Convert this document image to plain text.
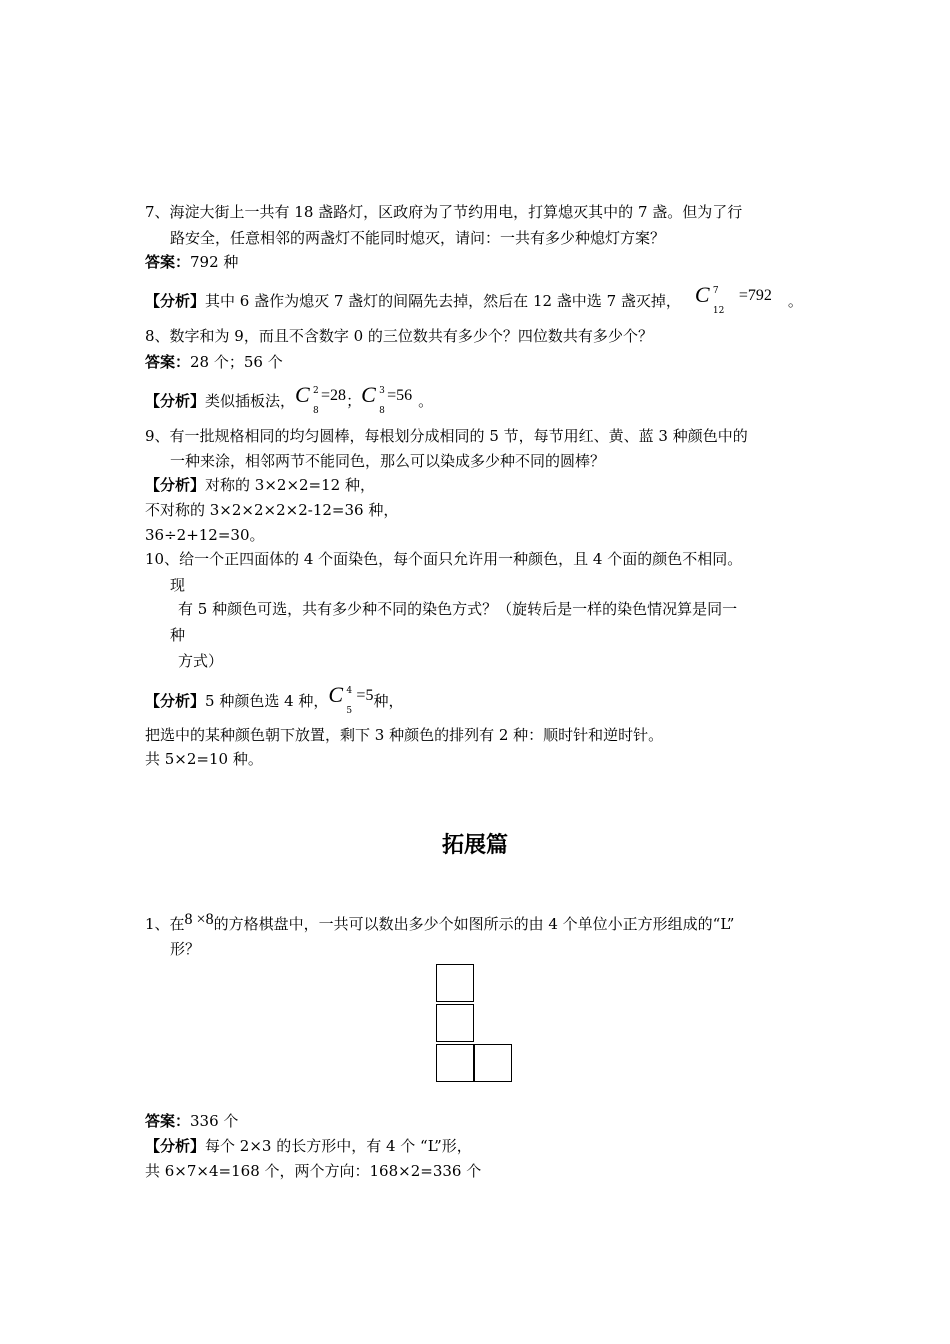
7、海淀大街上一共有 18 盏路灯，区政府为了节约用电，打算熄灭其中的 7 盏。但为了行
路安全，任意相邻的两盏灯不能同时熄灭，请问：一共有多少种熄灯方案？
答案：792 种
【分析】其中 6 盏作为熄灭 7 盏灯的间隔先去掉，然后在 12 盏中选 7 盏灭掉， C 7
12
=792 。
8、数字和为 9，而且不含数字 0 的三位数共有多少个？四位数共有多少个？
答案：28 个；56 个
【分析】类似插板法， C 2
8
=28； C 3
8
=56 。
9、有一批规格相同的均匀圆棒，每根划分成相同的 5 节，每节用红、黄、蓝 3 种颜色中的
一种来涂，相邻两节不能同色，那么可以染成多少种不同的圆棒？
【分析】对称的 3×2×2=12 种，
不对称的 3×2×2×2×2-12=36 种，
36÷2+12=30。
10、给一个正四面体的 4 个面染色，每个面只允许用一种颜色，且 4 个面的颜色不相同。
现
有 5 种颜色可选，共有多少种不同的染色方式？（旋转后是一样的染色情况算是同一
种
方式）
【分析】5 种颜色选 4 种， C 4
5
=5种，
把选中的某种颜色朝下放置，剩下 3 种颜色的排列有 2 种：顺时针和逆时针。
共 5×2=10 种。
拓展篇
1、在8 ×8的方格棋盘中，一共可以数出多少个如图所示的由 4 个单位小正方形组成的“L”
形？
答案：336 个
【分析】每个 2×3 的长方形中，有 4 个 “L”形，
共 6×7×4=168 个，两个方向：168×2=336 个
